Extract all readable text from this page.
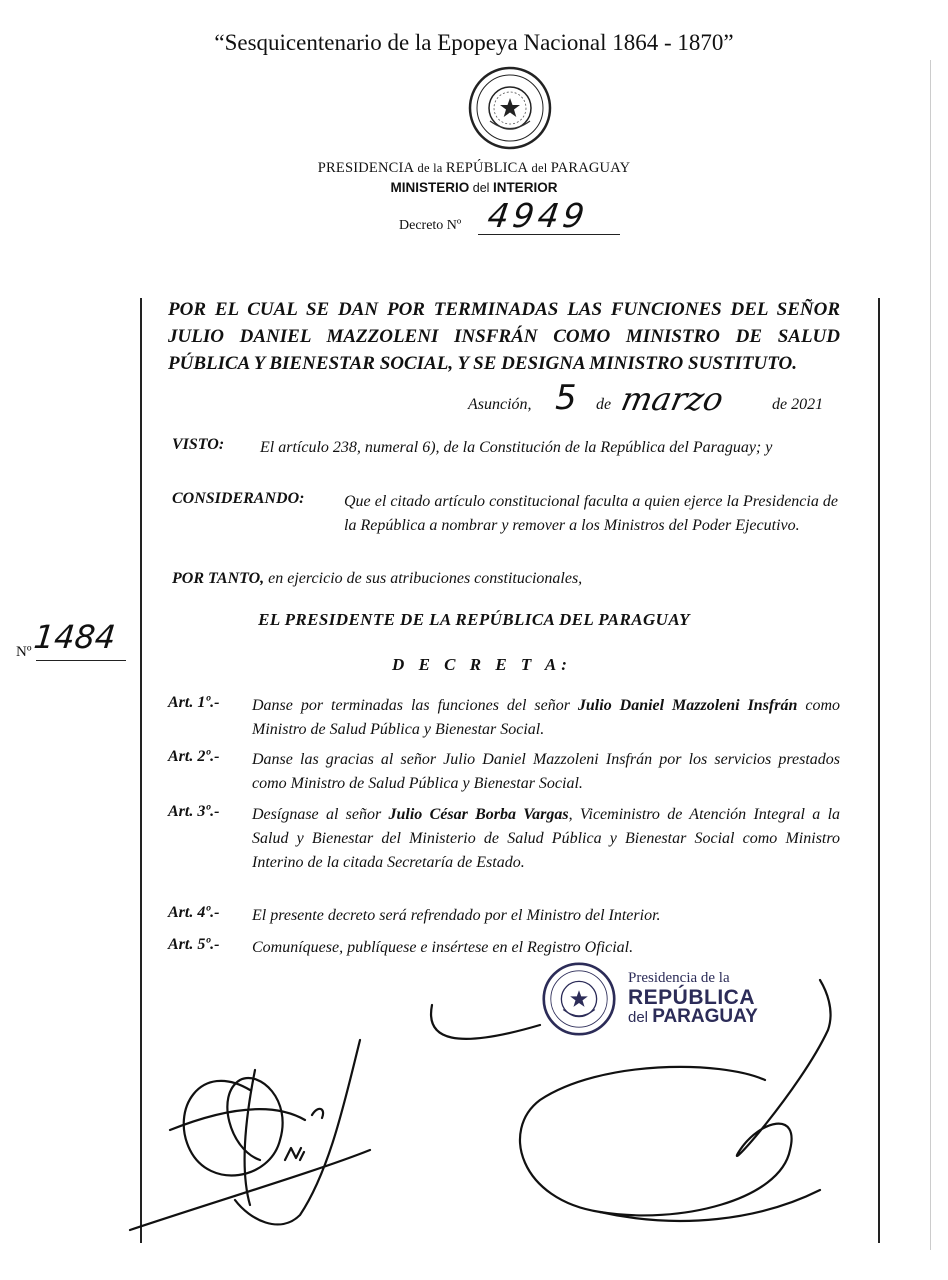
“Sesquicentenario de la Epopeya Nacional 1864 - 1870”
PRESIDENCIA de la REPÚBLICA del PARAGUAY
MINISTERIO del INTERIOR
Decreto Nº 4949
POR EL CUAL SE DAN POR TERMINADAS LAS FUNCIONES DEL SEÑOR
JULIO DANIEL MAZZOLENI INSFRÁN COMO MINISTRO DE SALUD
PÚBLICA Y BIENESTAR SOCIAL, Y SE DESIGNA MINISTRO SUSTITUTO.
Asunción, 5 de marzo	de 2021
VISTO: El artículo 238, numeral 6), de la Constitución de la República del Paraguay; y
CONSIDERANDO: Que el citado artículo constitucional faculta a quien ejerce la Presidencia de la República a nombrar y remover a los Ministros del Poder Ejecutivo.
POR TANTO, en ejercicio de sus atribuciones constitucionales,
EL PRESIDENTE DE LA REPÚBLICA DEL PARAGUAY
D E C R E T A:
Nº 1484
Art. 1º.- Danse por terminadas las funciones del señor Julio Daniel Mazzoleni Insfrán como Ministro de Salud Pública y Bienestar Social.
Art. 2º.- Danse las gracias al señor Julio Daniel Mazzoleni Insfrán por los servicios prestados como Ministro de Salud Pública y Bienestar Social.
Art. 3º.- Desígnase al señor Julio César Borba Vargas, Viceministro de Atención Integral a la Salud y Bienestar del Ministerio de Salud Pública y Bienestar Social como Ministro Interino de la citada Secretaría de Estado.
Art. 4º.- El presente decreto será refrendado por el Ministro del Interior.
Art. 5º.- Comuníquese, publíquese e insértese en el Registro Oficial.
Presidencia de la
REPÚBLICA
del PARAGUAY
